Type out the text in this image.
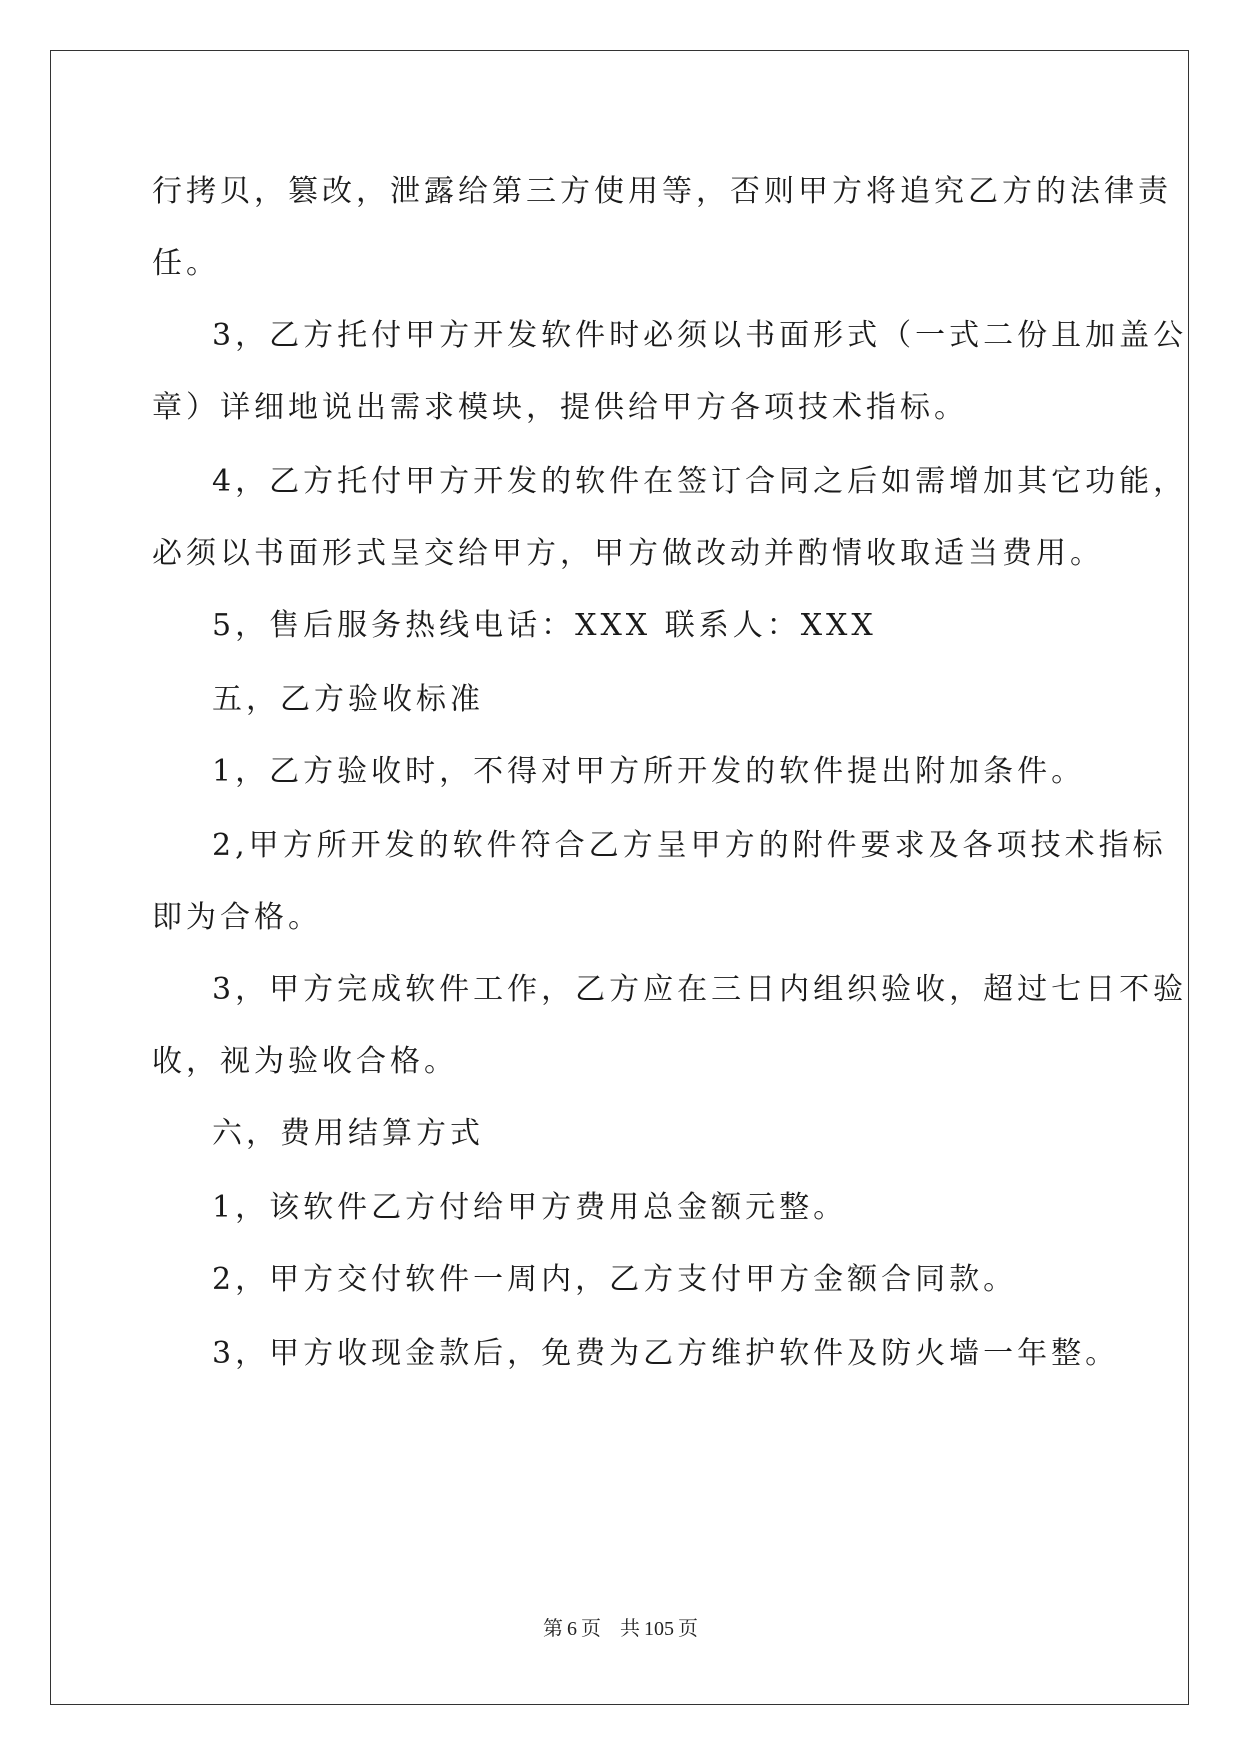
行拷贝，篡改，泄露给第三方使用等，否则甲方将追究乙方的法律责
任。
3，乙方托付甲方开发软件时必须以书面形式（一式二份且加盖公
章）详细地说出需求模块，提供给甲方各项技术指标。
4，乙方托付甲方开发的软件在签订合同之后如需增加其它功能，
必须以书面形式呈交给甲方，甲方做改动并酌情收取适当费用。
5，售后服务热线电话：XXX 联系人：XXX
五，乙方验收标准
1，乙方验收时，不得对甲方所开发的软件提出附加条件。
2,甲方所开发的软件符合乙方呈甲方的附件要求及各项技术指标
即为合格。
3，甲方完成软件工作，乙方应在三日内组织验收，超过七日不验
收，视为验收合格。
六，费用结算方式
1，该软件乙方付给甲方费用总金额元整。
2，甲方交付软件一周内，乙方支付甲方金额合同款。
3，甲方收现金款后，免费为乙方维护软件及防火墙一年整。
第 6 页 共 105 页
